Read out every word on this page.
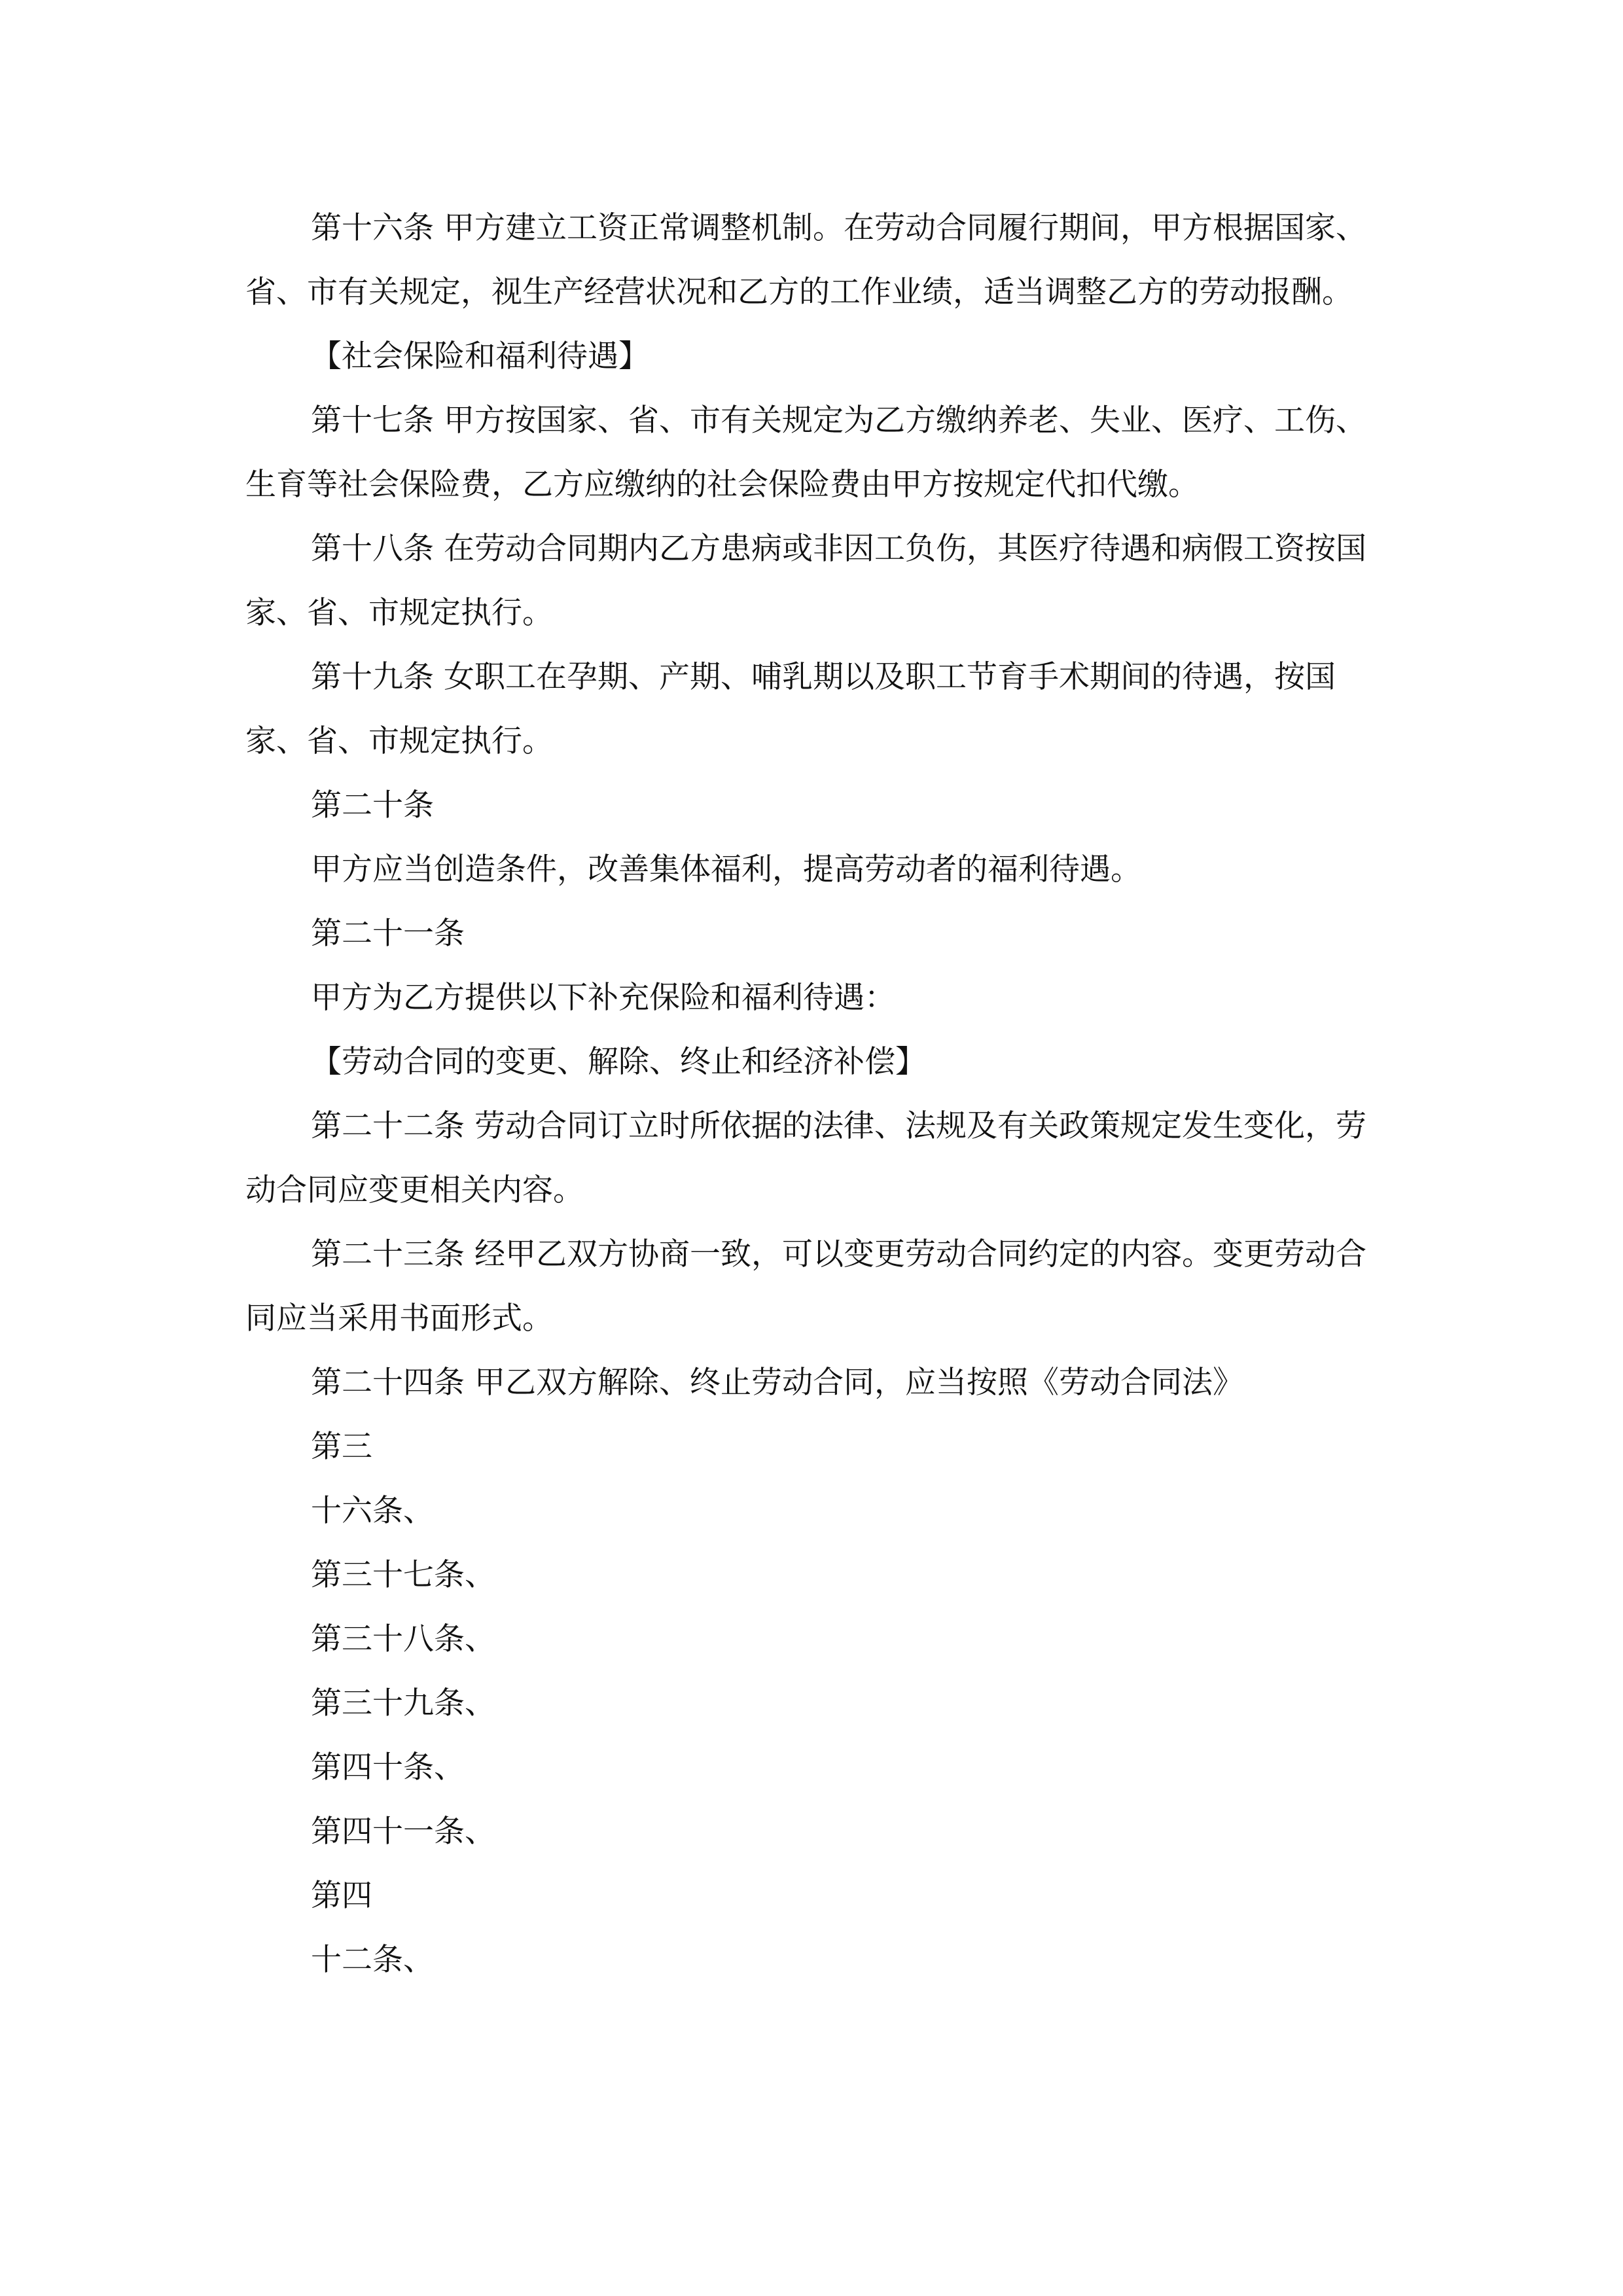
第十六条 甲方建立工资正常调整机制。在劳动合同履行期间，甲方根据国家、省、市有关规定，视生产经营状况和乙方的工作业绩，适当调整乙方的劳动报酬。

【社会保险和福利待遇】

第十七条 甲方按国家、省、市有关规定为乙方缴纳养老、失业、医疗、工伤、生育等社会保险费，乙方应缴纳的社会保险费由甲方按规定代扣代缴。

第十八条 在劳动合同期内乙方患病或非因工负伤，其医疗待遇和病假工资按国家、省、市规定执行。

第十九条 女职工在孕期、产期、哺乳期以及职工节育手术期间的待遇，按国家、省、市规定执行。

第二十条

甲方应当创造条件，改善集体福利，提高劳动者的福利待遇。

第二十一条

甲方为乙方提供以下补充保险和福利待遇：

【劳动合同的变更、解除、终止和经济补偿】

第二十二条 劳动合同订立时所依据的法律、法规及有关政策规定发生变化，劳动合同应变更相关内容。

第二十三条 经甲乙双方协商一致，可以变更劳动合同约定的内容。变更劳动合同应当采用书面形式。

第二十四条 甲乙双方解除、终止劳动合同，应当按照《劳动合同法》

第三

十六条、

第三十七条、

第三十八条、

第三十九条、

第四十条、

第四十一条、

第四

十二条、
